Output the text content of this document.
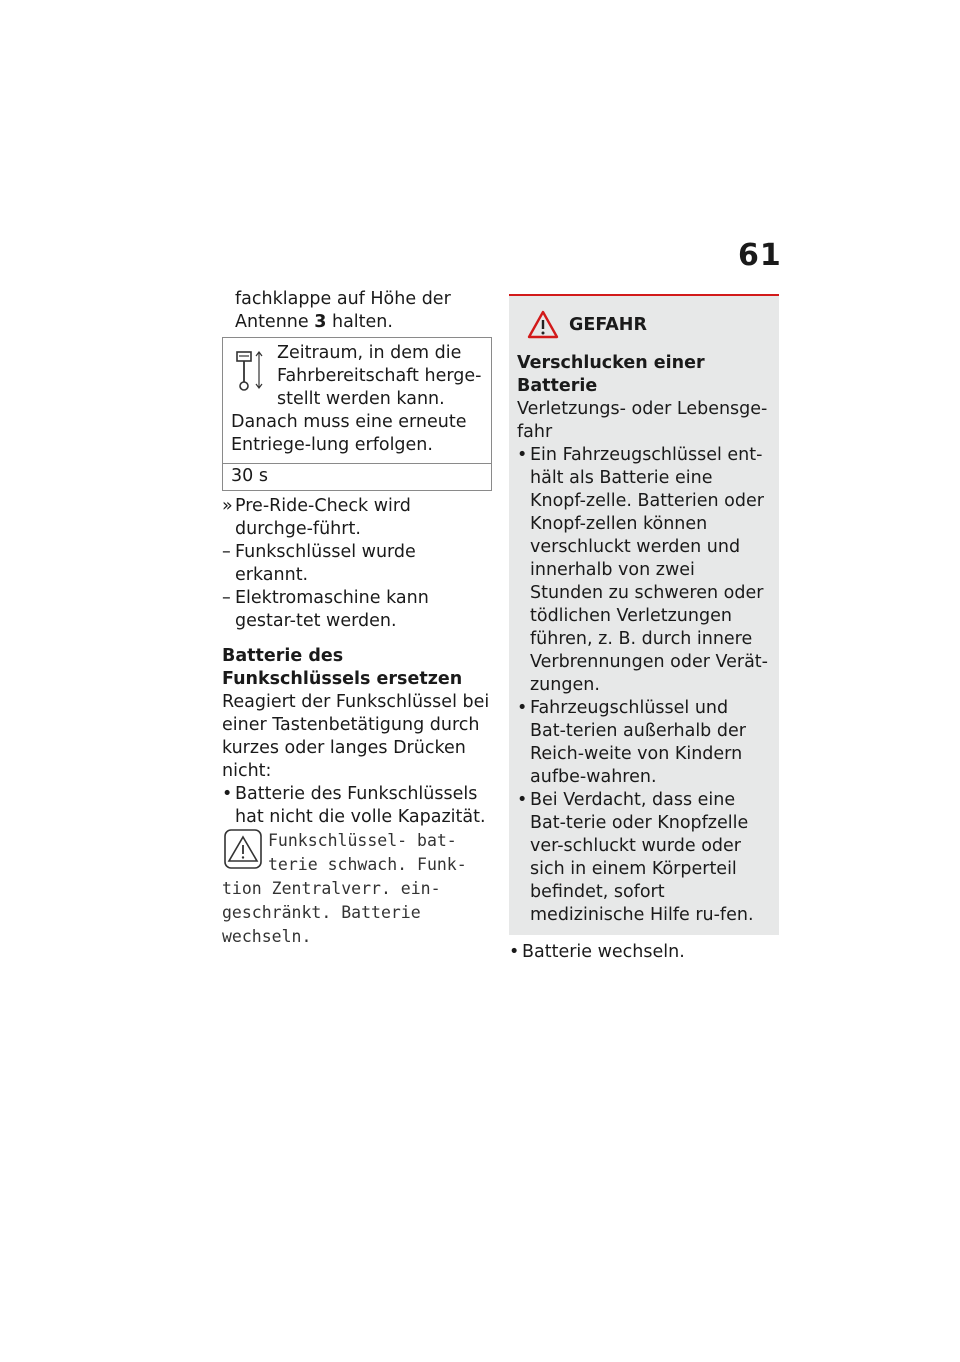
61
fachklappe auf Höhe der
Antenne 3 halten.
Zeitraum, in dem die Fahrbereitschaft herge-stellt werden kann. Danach muss eine erneute Entriege-lung erfolgen.
30 s
» Pre-Ride-Check wird durchge-führt.
– Funkschlüssel wurde erkannt.
– Elektromaschine kann gestar-tet werden.
Batterie des Funkschlüssels ersetzen
Reagiert der Funkschlüssel bei einer Tastenbetätigung durch kurzes oder langes Drücken nicht:
• Batterie des Funkschlüssels hat nicht die volle Kapazität.
Funkschlüssel- bat-terie schwach. Funk-tion Zentralverr. ein-geschränkt. Batterie wechseln.
GEFAHR
Verschlucken einer Batterie
Verletzungs- oder Lebensge-fahr
• Ein Fahrzeugschlüssel ent-hält als Batterie eine Knopf-zelle. Batterien oder Knopf-zellen können verschluckt werden und innerhalb von zwei Stunden zu schweren oder tödlichen Verletzungen führen, z. B. durch innere Verbrennungen oder Verät-zungen.
• Fahrzeugschlüssel und Bat-terien außerhalb der Reich-weite von Kindern aufbe-wahren.
• Bei Verdacht, dass eine Bat-terie oder Knopfzelle ver-schluckt wurde oder sich in einem Körperteil befindet, sofort medizinische Hilfe ru-fen.
• Batterie wechseln.
